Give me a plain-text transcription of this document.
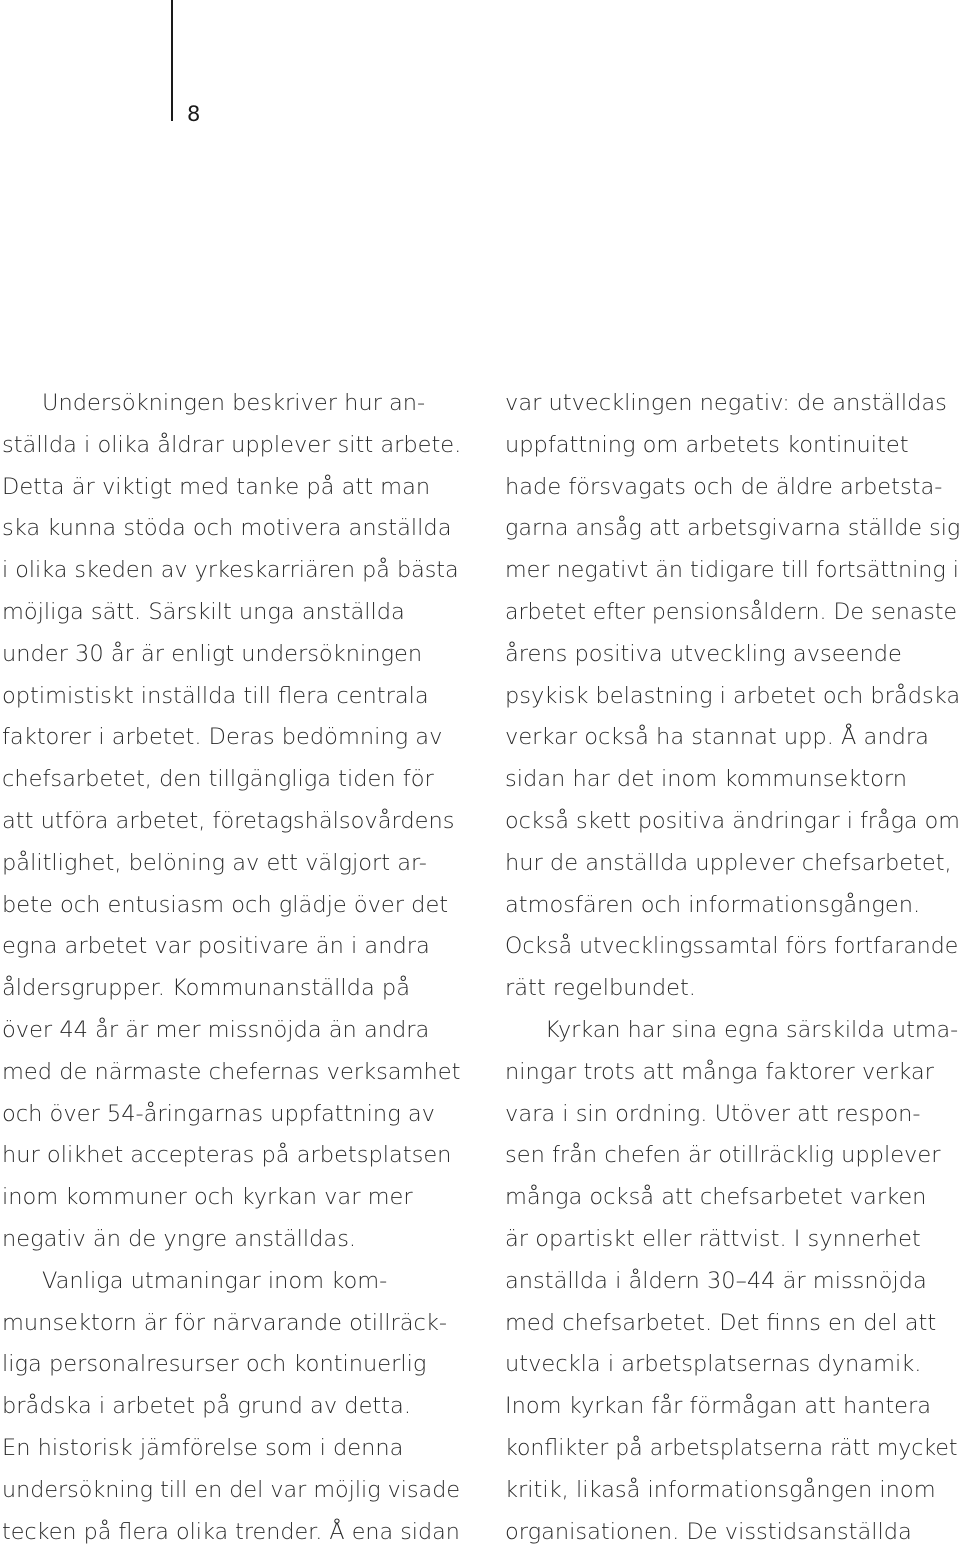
8
Undersökningen beskriver hur an-
ställda i olika åldrar upplever sitt arbete.
Detta är viktigt med tanke på att man
ska kunna stöda och motivera anställda
i olika skeden av yrkeskarriären på bästa
möjliga sätt. Särskilt unga anställda
under 30 år är enligt undersökningen
optimistiskt inställda till flera centrala
faktorer i arbetet. Deras bedömning av
chefsarbetet, den tillgängliga tiden för
att utföra arbetet, företagshälsovårdens
pålitlighet, belöning av ett välgjort ar-
bete och entusiasm och glädje över det
egna arbetet var positivare än i andra
åldersgrupper. Kommunanställda på
över 44 år är mer missnöjda än andra
med de närmaste chefernas verksamhet
och över 54-åringarnas uppfattning av
hur olikhet accepteras på arbetsplatsen
inom kommuner och kyrkan var mer
negativ än de yngre anställdas.
Vanliga utmaningar inom kom-
munsektorn är för närvarande otillräck-
liga personalresurser och kontinuerlig
brådska i arbetet på grund av detta.
En historisk jämförelse som i denna
undersökning till en del var möjlig visade
tecken på flera olika trender. Å ena sidan
var utvecklingen negativ: de anställdas
uppfattning om arbetets kontinuitet
hade försvagats och de äldre arbetsta-
garna ansåg att arbetsgivarna ställde sig
mer negativt än tidigare till fortsättning i
arbetet efter pensionsåldern. De senaste
årens positiva utveckling avseende
psykisk belastning i arbetet och brådska
verkar också ha stannat upp. Å andra
sidan har det inom kommunsektorn
också skett positiva ändringar i fråga om
hur de anställda upplever chefsarbetet,
atmosfären och informationsgången.
Också utvecklingssamtal förs fortfarande
rätt regelbundet.
Kyrkan har sina egna särskilda utma-
ningar trots att många faktorer verkar
vara i sin ordning. Utöver att respon-
sen från chefen är otillräcklig upplever
många också att chefsarbetet varken
är opartiskt eller rättvist. I synnerhet
anställda i åldern 30–44 är missnöjda
med chefsarbetet. Det finns en del att
utveckla i arbetsplatsernas dynamik.
Inom kyrkan får förmågan att hantera
konflikter på arbetsplatserna rätt mycket
kritik, likaså informationsgången inom
organisationen. De visstidsanställda
